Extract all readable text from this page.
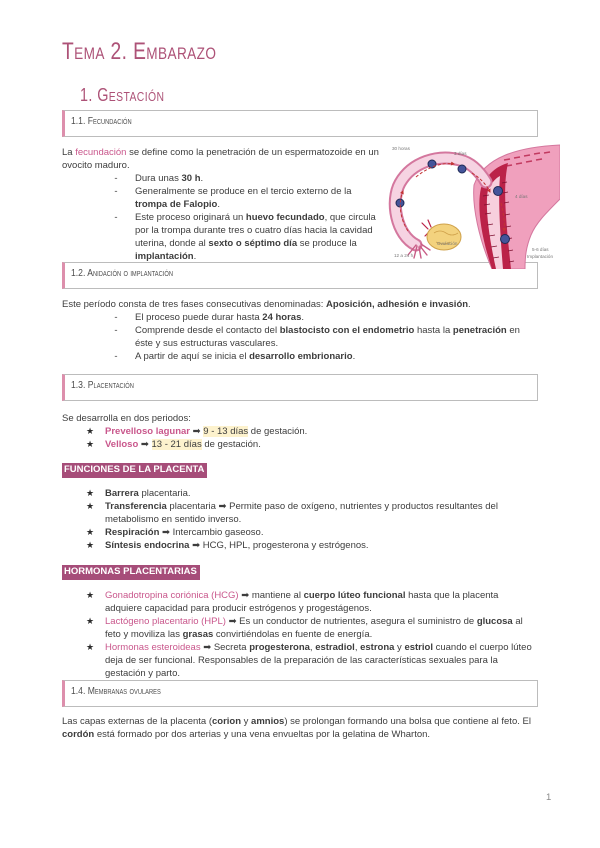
Tema 2. Embarazo
1. Gestación
1.1. Fecundación

La fecundación se define como la penetración de un espermatozoide en un ovocito maduro.

-	Dura unas 30 h.
-	Generalmente se produce en el tercio externo de la trompa de Falopio.
-	Este proceso originará un huevo fecundado, que circula por la trompa durante tres o cuatro días hacia la cavidad uterina, donde al sexto o séptimo día se produce la implantación.
30 horas
3 días
4 días
Ovulación
12 a 24 h
5-6 días
Implantación
1.2. Anidación o implantación

Este período consta de tres fases consecutivas denominadas: Aposición, adhesión e invasión.

-	El proceso puede durar hasta 24 horas.
-	Comprende desde el contacto del blastocisto con el endometrio hasta la penetración en éste y sus estructuras vasculares.
-	A partir de aquí se inicia el desarrollo embrionario.
1.3. Placentación

Se desarrolla en dos periodos:

★	Prevelloso lagunar ➡ 9 - 13 días de gestación.
★	Velloso ➡ 13 - 21 días de gestación.
FUNCIONES DE LA PLACENTA
★	Barrera placentaria.
★	Transferencia placentaria ➡ Permite paso de oxígeno, nutrientes y productos resultantes del metabolismo en sentido inverso.
★	Respiración ➡ Intercambio gaseoso.
★	Síntesis endocrina ➡ HCG, HPL, progesterona y estrógenos.
HORMONAS PLACENTARIAS
★	Gonadotropina coriónica (HCG) ➡ mantiene al cuerpo lúteo funcional hasta que la placenta adquiere capacidad para producir estrógenos y progestágenos.
★	Lactógeno placentario (HPL) ➡ Es un conductor de nutrientes, asegura el suministro de glucosa al feto y moviliza las grasas convirtiéndolas en fuente de energía.
★	Hormonas esteroideas ➡ Secreta progesterona, estradiol, estrona y estriol cuando el cuerpo lúteo deja de ser funcional. Responsables de la preparación de las características sexuales para la gestación y parto.
1.4. Membranas ovulares

Las capas externas de la placenta (corion y amnios) se prolongan formando una bolsa que contiene al feto. El cordón está formado por dos arterias y una vena envueltas por la gelatina de Wharton.

1
